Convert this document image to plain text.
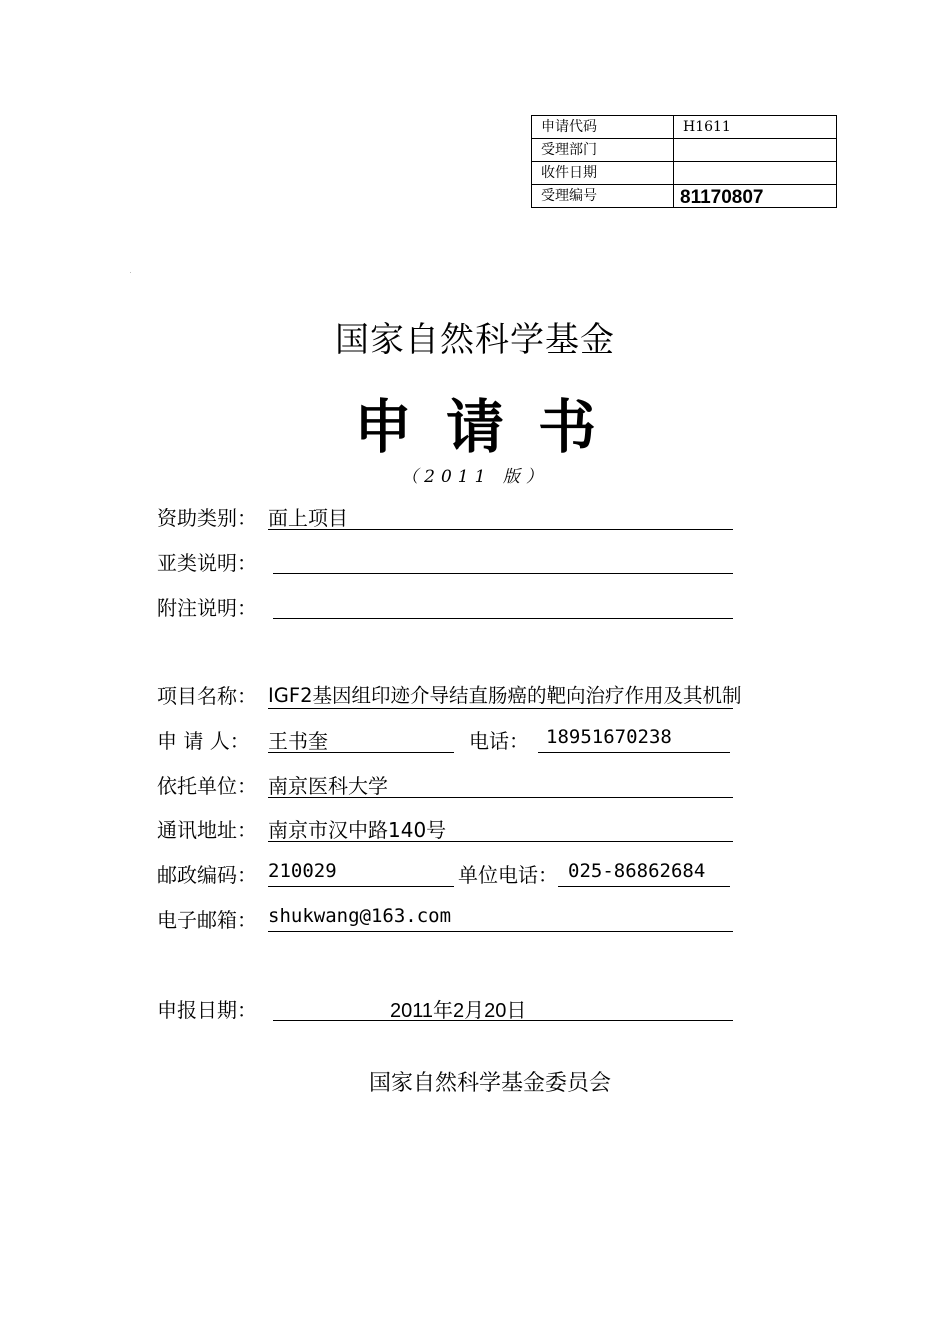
申请代码	H1611
受理部门	
收件日期	
受理编号	81170807
国家自然科学基金
申请书
（2011 版）
资助类别： 面上项目
亚类说明：
附注说明：
项目名称： IGF2基因组印迹介导结直肠癌的靶向治疗作用及其机制
申 请 人： 王书奎	电话： 18951670238
依托单位： 南京医科大学
通讯地址： 南京市汉中路140号
邮政编码： 210029	单位电话： 025-86862684
电子邮箱： shukwang@163.com
申报日期：	2011年2月20日
国家自然科学基金委员会
